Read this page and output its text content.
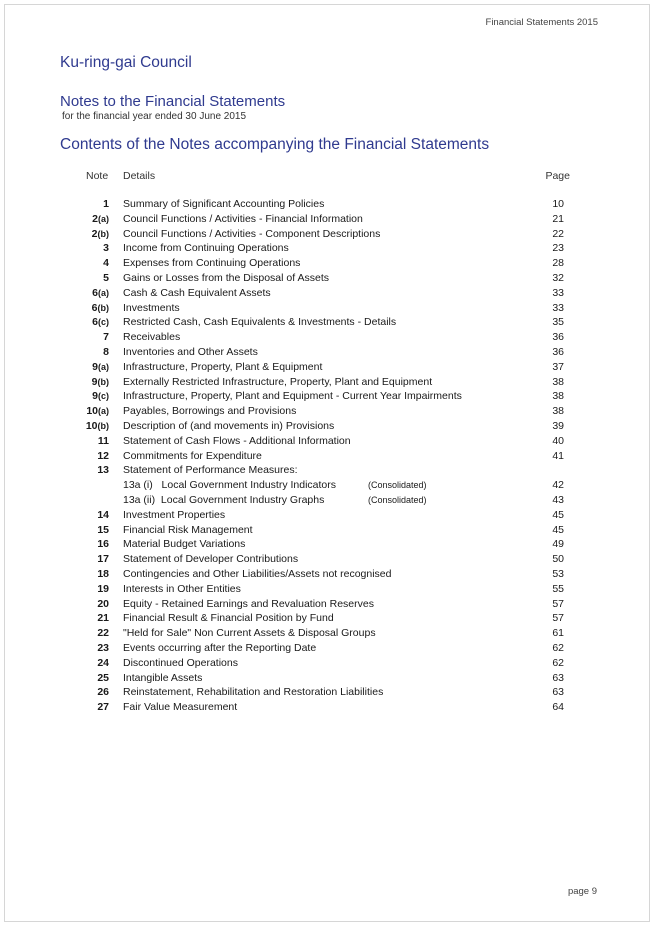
Financial Statements 2015
Ku-ring-gai Council
Notes to the Financial Statements
for the financial year ended 30 June 2015
Contents of the Notes accompanying the Financial Statements
Note Details	Page
1 Summary of Significant Accounting Policies	10
2(a) Council Functions / Activities - Financial Information	21
2(b) Council Functions / Activities - Component Descriptions	22
3 Income from Continuing Operations	23
4 Expenses from Continuing Operations	28
5 Gains or Losses from the Disposal of Assets	32
6(a) Cash & Cash Equivalent Assets	33
6(b) Investments	33
6(c) Restricted Cash, Cash Equivalents & Investments - Details	35
7 Receivables	36
8 Inventories and Other Assets	36
9(a) Infrastructure, Property, Plant & Equipment	37
9(b) Externally Restricted Infrastructure, Property, Plant and Equipment	38
9(c) Infrastructure, Property, Plant and Equipment - Current Year Impairments	38
10(a) Payables, Borrowings and Provisions	38
10(b) Description of (and movements in) Provisions	39
11 Statement of Cash Flows - Additional Information	40
12 Commitments for Expenditure	41
13 Statement of Performance Measures:
13a (i)   Local Government Industry Indicators	(Consolidated)	42
13a (ii)  Local Government Industry Graphs	(Consolidated)	43
14 Investment Properties	45
15 Financial Risk Management	45
16 Material Budget Variations	49
17 Statement of Developer Contributions	50
18 Contingencies and Other Liabilities/Assets not recognised	53
19 Interests in Other Entities	55
20 Equity - Retained Earnings and Revaluation Reserves	57
21 Financial Result & Financial Position by Fund	57
22 "Held for Sale" Non Current Assets & Disposal Groups	61
23 Events occurring after the Reporting Date	62
24 Discontinued Operations	62
25 Intangible Assets	63
26 Reinstatement, Rehabilitation and Restoration Liabilities	63
27 Fair Value Measurement	64
page 9
